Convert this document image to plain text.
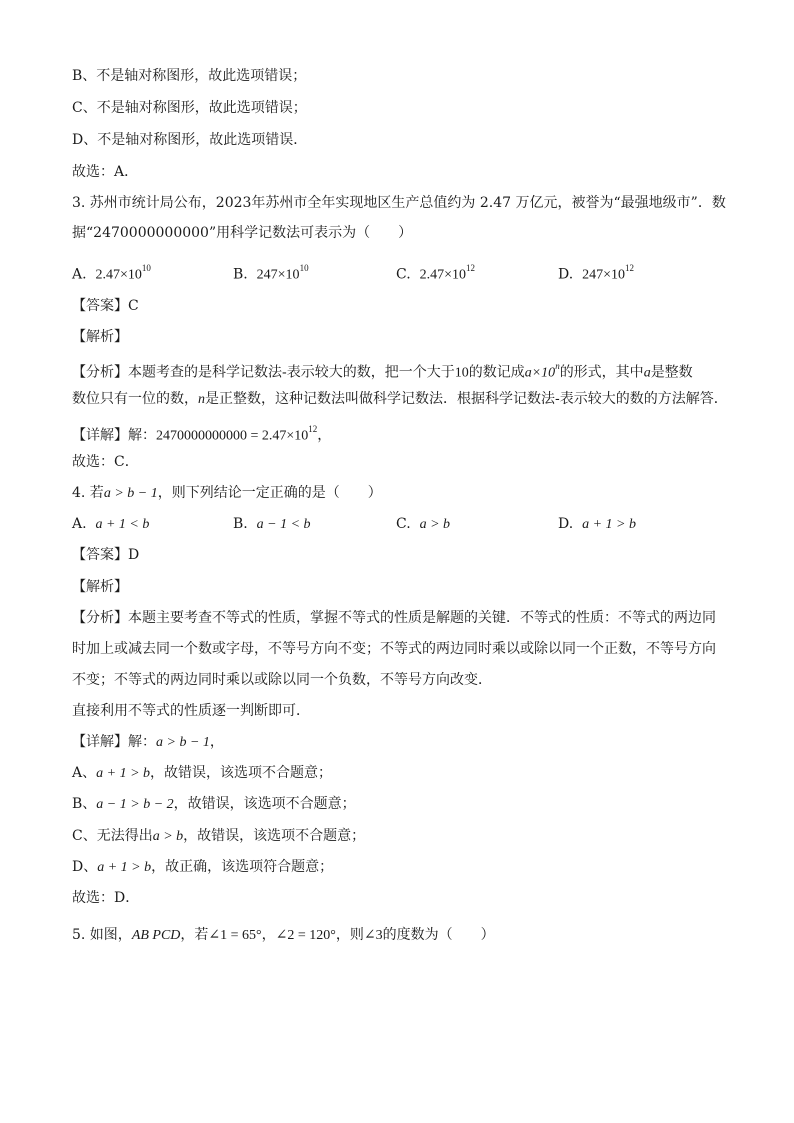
B、不是轴对称图形，故此选项错误；
C、不是轴对称图形，故此选项错误；
D、不是轴对称图形，故此选项错误．
故选：A．
3. 苏州市统计局公布，2023年苏州市全年实现地区生产总值约为 2.47 万亿元，被誉为“最强地级市”．数
据“2470000000000”用科学记数法可表示为（　　）
A. $2.47\times 10^{10}$	B. $247\times 10^{10}$	C. $2.47\times 10^{12}$	D. $247\times 10^{12}$
【答案】C
【解析】
【分析】本题考查的是科学记数法-表示较大的数，把一个大于10的数记成$a\times 10^n$的形式，其中a是整数
数位只有一位的数，n是正整数，这种记数法叫做科学记数法．根据科学记数法-表示较大的数的方法解答．
【详解】解：$2470000000000 = 2.47\times 10^{12}$，
故选：C．
4. 若a > b − 1，则下列结论一定正确的是（　　）
A. a + 1 < b	B. a − 1 < b	C. a > b	D. a + 1 > b
【答案】D
【解析】
【分析】本题主要考查不等式的性质，掌握不等式的性质是解题的关键．不等式的性质：不等式的两边同
时加上或减去同一个数或字母，不等号方向不变；不等式的两边同时乘以或除以同一个正数，不等号方向
不变；不等式的两边同时乘以或除以同一个负数，不等号方向改变．
直接利用不等式的性质逐一判断即可．
【详解】解：a > b − 1，
A、a + 1 > b，故错误，该选项不合题意；
B、a − 1 > b − 2，故错误，该选项不合题意；
C、无法得出a > b，故错误，该选项不合题意；
D、a + 1 > b，故正确，该选项符合题意；
故选：D．
5. 如图，AB PCD，若∠1 = 65°，∠2 = 120°，则∠3的度数为（　　）
